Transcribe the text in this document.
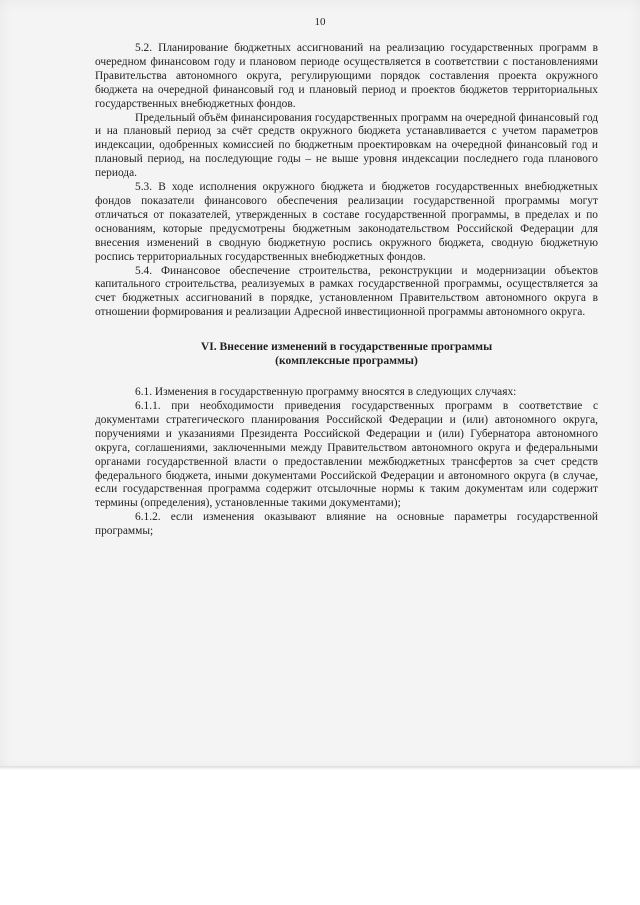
10

5.2. Планирование бюджетных ассигнований на реализацию государственных программ в очередном финансовом году и плановом периоде осуществляется в соответствии с постановлениями Правительства автономного округа, регулирующими порядок составления проекта окружного бюджета на очередной финансовый год и плановый период и проектов бюджетов территориальных государственных внебюджетных фондов.

Предельный объём финансирования государственных программ на очередной финансовый год и на плановый период за счёт средств окружного бюджета устанавливается с учетом параметров индексации, одобренных комиссией по бюджетным проектировкам на очередной финансовый год и плановый период, на последующие годы – не выше уровня индексации последнего года планового периода.

5.3. В ходе исполнения окружного бюджета и бюджетов государственных внебюджетных фондов показатели финансового обеспечения реализации государственной программы могут отличаться от показателей, утвержденных в составе государственной программы, в пределах и по основаниям, которые предусмотрены бюджетным законодательством Российской Федерации для внесения изменений в сводную бюджетную роспись окружного бюджета, сводную бюджетную роспись территориальных государственных внебюджетных фондов.

5.4. Финансовое обеспечение строительства, реконструкции и модернизации объектов капитального строительства, реализуемых в рамках государственной программы, осуществляется за счет бюджетных ассигнований в порядке, установленном Правительством автономного округа в отношении формирования и реализации Адресной инвестиционной программы автономного округа.

VI. Внесение изменений в государственные программы
(комплексные программы)

6.1. Изменения в государственную программу вносятся в следующих случаях:

6.1.1. при необходимости приведения государственных программ в соответствие с документами стратегического планирования Российской Федерации и (или) автономного округа, поручениями и указаниями Президента Российской Федерации и (или) Губернатора автономного округа, соглашениями, заключенными между Правительством автономного округа и федеральными органами государственной власти о предоставлении межбюджетных трансфертов за счет средств федерального бюджета, иными документами Российской Федерации и автономного округа (в случае, если государственная программа содержит отсылочные нормы к таким документам или содержит термины (определения), установленные такими документами);

6.1.2. если изменения оказывают влияние на основные параметры государственной программы;
